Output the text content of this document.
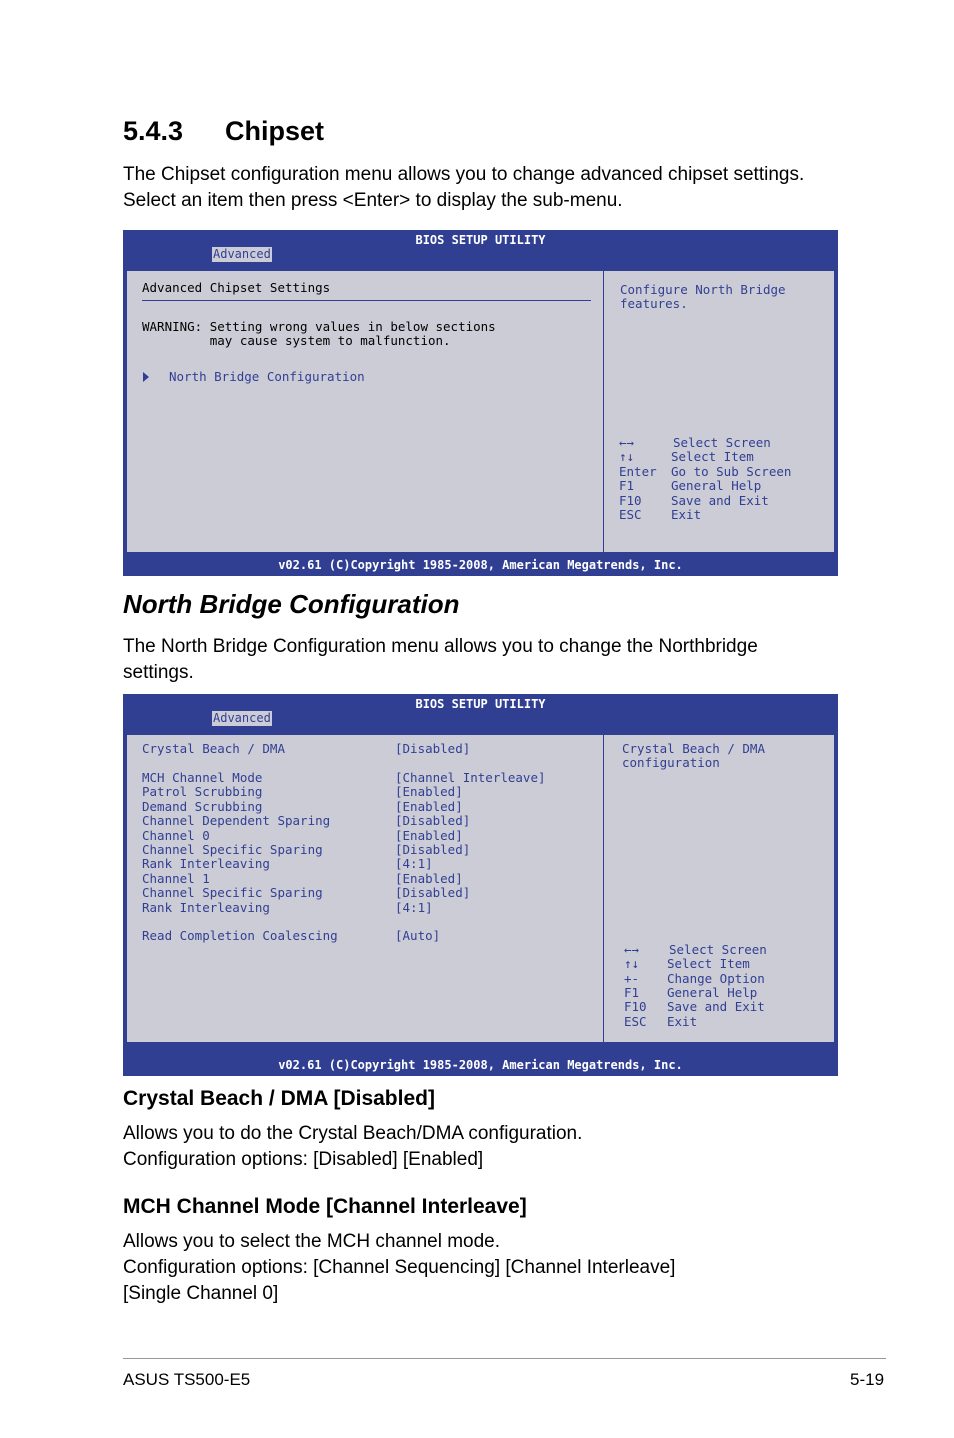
5.4.3 Chipset
The Chipset configuration menu allows you to change advanced chipset settings.
Select an item then press <Enter> to display the sub-menu.
BIOS SETUP UTILITY
Advanced
Advanced Chipset Settings
WARNING: Setting wrong values in below sections
may cause system to malfunction.
North Bridge Configuration
Configure North Bridge
features.
←→	Select Screen
↑↓	Select Item
Enter Go to Sub Screen
F1	General Help
F10 Save and Exit
ESC Exit
v02.61 (C)Copyright 1985-2008, American Megatrends, Inc.
North Bridge Configuration
The North Bridge Configuration menu allows you to change the Northbridge
settings.
BIOS SETUP UTILITY
Advanced
Crystal Beach / DMA	[Disabled]
MCH Channel Mode	[Channel Interleave]
Patrol Scrubbing	[Enabled]
Demand Scrubbing	[Enabled]
Channel Dependent Sparing	[Disabled]
Channel 0	[Enabled]
Channel Specific Sparing	[Disabled]
Rank Interleaving	[4:1]
Channel 1	[Enabled]
Channel Specific Sparing	[Disabled]
Rank Interleaving	[4:1]
Read Completion Coalescing	[Auto]
Crystal Beach / DMA
configuration
←→ Select Screen
↑↓ Select Item
+- Change Option
F1 General Help
F10 Save and Exit
ESC Exit
v02.61 (C)Copyright 1985-2008, American Megatrends, Inc.
Crystal Beach / DMA [Disabled]
Allows you to do the Crystal Beach/DMA configuration.
Configuration options: [Disabled] [Enabled]
MCH Channel Mode [Channel Interleave]
Allows you to select the MCH channel mode.
Configuration options: [Channel Sequencing] [Channel Interleave]
[Single Channel 0]
ASUS TS500-E5	5-19
